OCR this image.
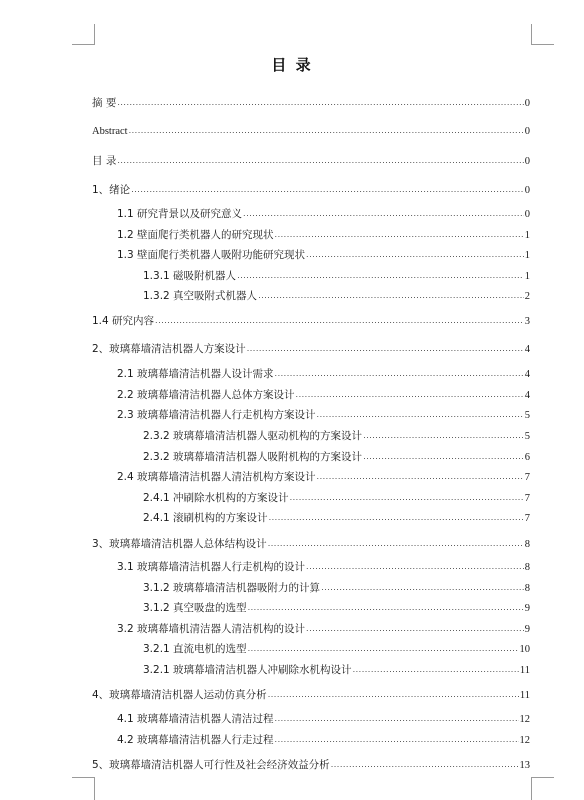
目 录
摘 要 .....	0
Abstract .....	0
目 录 .....	0
1、绪论 .....	0
1.1 研究背景以及研究意义 .....	0
1.2 壁面爬行类机器人的研究现状 .....	1
1.3 壁面爬行类机器人吸附功能研究现状 .....	1
1.3.1 磁吸附机器人 .....	1
1.3.2 真空吸附式机器人 .....	2
1.4 研究内容 .....	3
2、玻璃幕墙清洁机器人方案设计 .....	4
2.1 玻璃幕墙清洁机器人设计需求 .....	4
2.2 玻璃幕墙清洁机器人总体方案设计 .....	4
2.3 玻璃幕墙清洁机器人行走机构方案设计 .....	5
2.3.2 玻璃幕墙清洁机器人驱动机构的方案设计 .....	5
2.3.2 玻璃幕墙清洁机器人吸附机构的方案设计 .....	6
2.4 玻璃幕墙清洁机器人清洁机构方案设计 .....	7
2.4.1 冲刷除水机构的方案设计 .....	7
2.4.1 滚刷机构的方案设计 .....	7
3、玻璃幕墙清洁机器人总体结构设计 .....	8
3.1 玻璃幕墙清洁机器人行走机构的设计 .....	8
3.1.2 玻璃幕墙清洁机器吸附力的计算 .....	8
3.1.2 真空吸盘的选型 .....	9
3.2 玻璃幕墙机清洁器人清洁机构的设计 .....	9
3.2.1 直流电机的选型 .....	10
3.2.1 玻璃幕墙清洁机器人冲刷除水机构设计 .....	11
4、玻璃幕墙清洁机器人运动仿真分析 .....	11
4.1 玻璃幕墙清洁机器人清洁过程 .....	12
4.2 玻璃幕墙清洁机器人行走过程 .....	12
5、玻璃幕墙清洁机器人可行性及社会经济效益分析 .....	13
